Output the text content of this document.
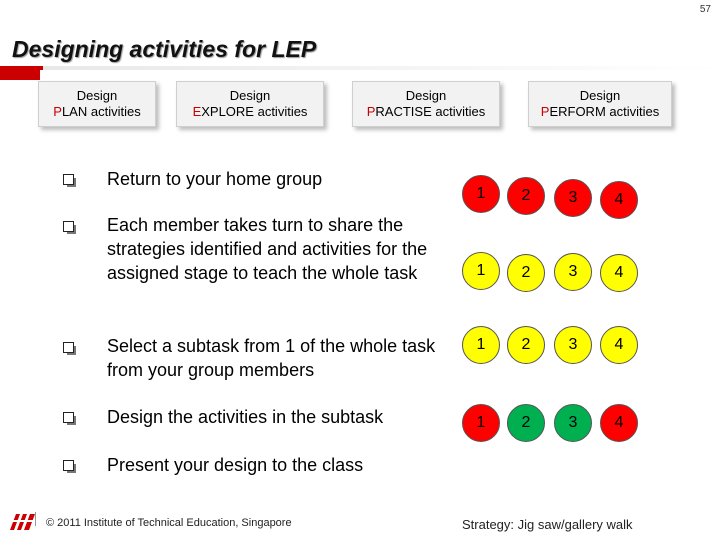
57
Designing activities for LEP
Design
PLAN activities
Design
EXPLORE activities
Design
PRACTISE activities
Design
PERFORM activities
Return to your home group
Each member takes turn to share the strategies identified and activities for the assigned stage to teach the whole task
Select a subtask from 1 of the whole task from your group members
Design the activities in the subtask
Present your design to the class
1	2	3	4
1	2	3	4
1	2	3	4
1	2	3	4
© 2011 Institute of Technical Education, Singapore	Strategy: Jig saw/gallery walk
